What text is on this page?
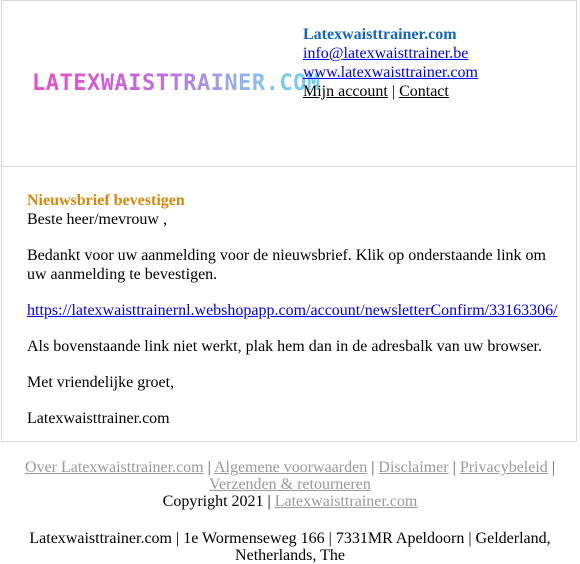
LATEXWAISTTRAINER.COM
Latexwaisttrainer.com
info@latexwaisttrainer.be
www.latexwaisttrainer.com
Mijn account | Contact

Nieuwsbrief bevestigen

Beste heer/mevrouw ,

Bedankt voor uw aanmelding voor de nieuwsbrief. Klik op onderstaande link om uw aanmelding te bevestigen.

https://latexwaisttrainernl.webshopapp.com/account/newsletterConfirm/33163306/

Als bovenstaande link niet werkt, plak hem dan in de adresbalk van uw browser.

Met vriendelijke groet,

Latexwaisttrainer.com

Over Latexwaisttrainer.com | Algemene voorwaarden | Disclaimer | Privacybeleid |
Verzenden & retourneren
Copyright 2021 | Latexwaisttrainer.com
Latexwaisttrainer.com | 1e Wormenseweg 166 | 7331MR Apeldoorn | Gelderland, Netherlands, The
